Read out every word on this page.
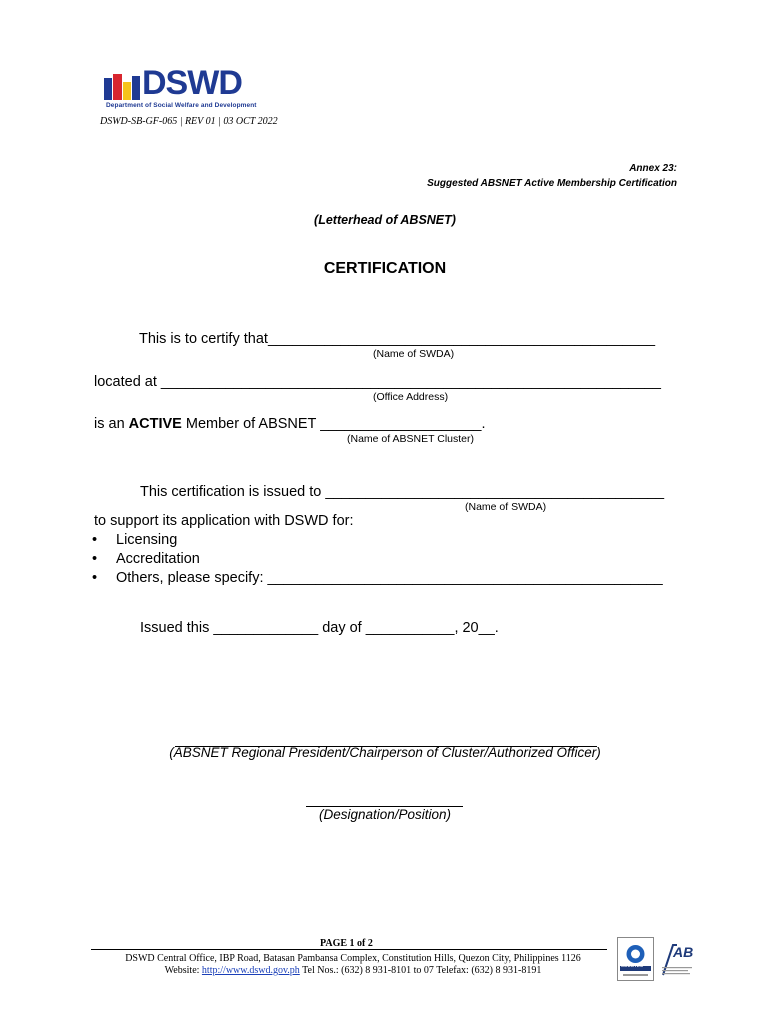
DSWD
Department of Social Welfare and Development
DSWD-SB-GF-065 | REV 01 | 03 OCT 2022
Annex 23:
Suggested ABSNET Active Membership Certification
(Letterhead of ABSNET)
CERTIFICATION
This is to certify that________________________________________________
(Name of SWDA)
located at ______________________________________________________________
(Office Address)
is an ACTIVE Member of ABSNET ____________________.
(Name of ABSNET Cluster)
This certification is issued to __________________________________________
(Name of SWDA)
to support its application with DSWD for:
• Licensing
• Accreditation
• Others, please specify: _________________________________________________
Issued this _____________ day of ___________, 20__.
(ABSNET Regional President/Chairperson of Cluster/Authorized Officer)
(Designation/Position)
PAGE 1 of 2
DSWD Central Office, IBP Road, Batasan Pambansa Complex, Constitution Hills, Quezon City, Philippines 1126
Website: http://www.dswd.gov.ph Tel Nos.: (632) 8 931-8101 to 07 Telefax: (632) 8 931-8191	SOCOTEC
AB
